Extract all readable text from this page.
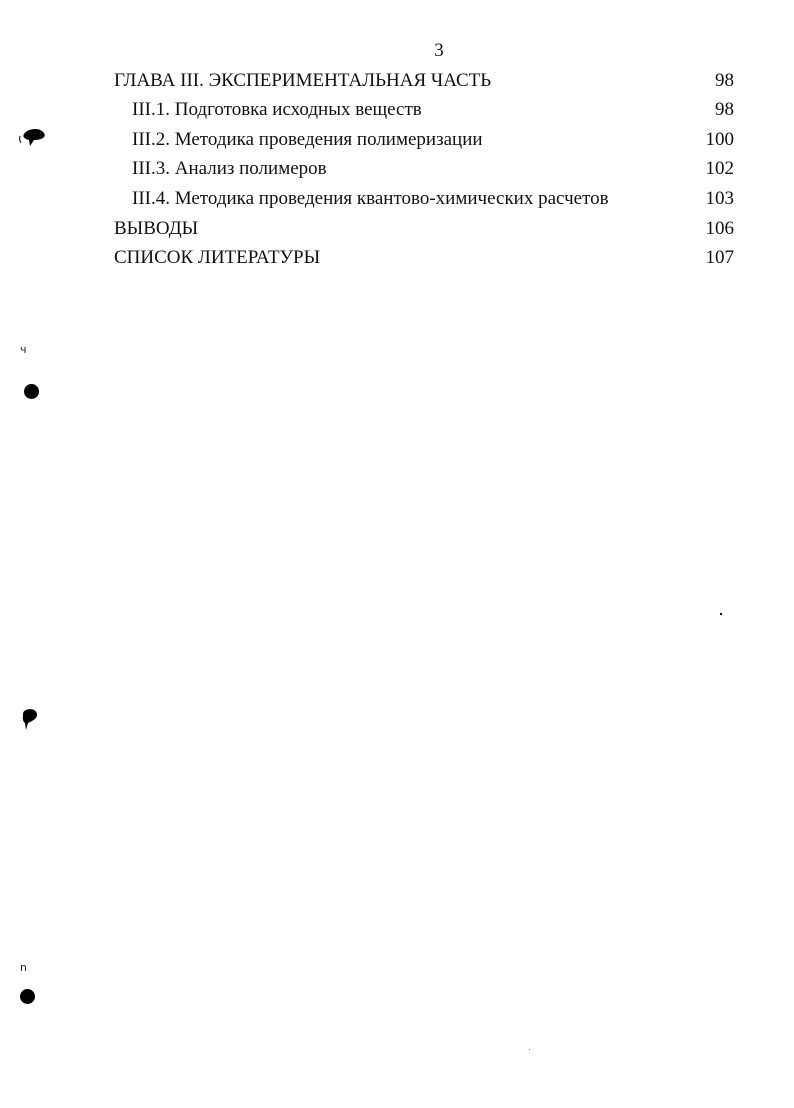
3
ГЛАВА III. ЭКСПЕРИМЕНТАЛЬНАЯ ЧАСТЬ	98
III.1. Подготовка исходных веществ	98
III.2. Методика проведения полимеризации	100
III.3. Анализ полимеров	102
III.4. Методика проведения квантово-химических расчетов	103
ВЫВОДЫ	106
СПИСОК ЛИТЕРАТУРЫ	107
ч
ո
